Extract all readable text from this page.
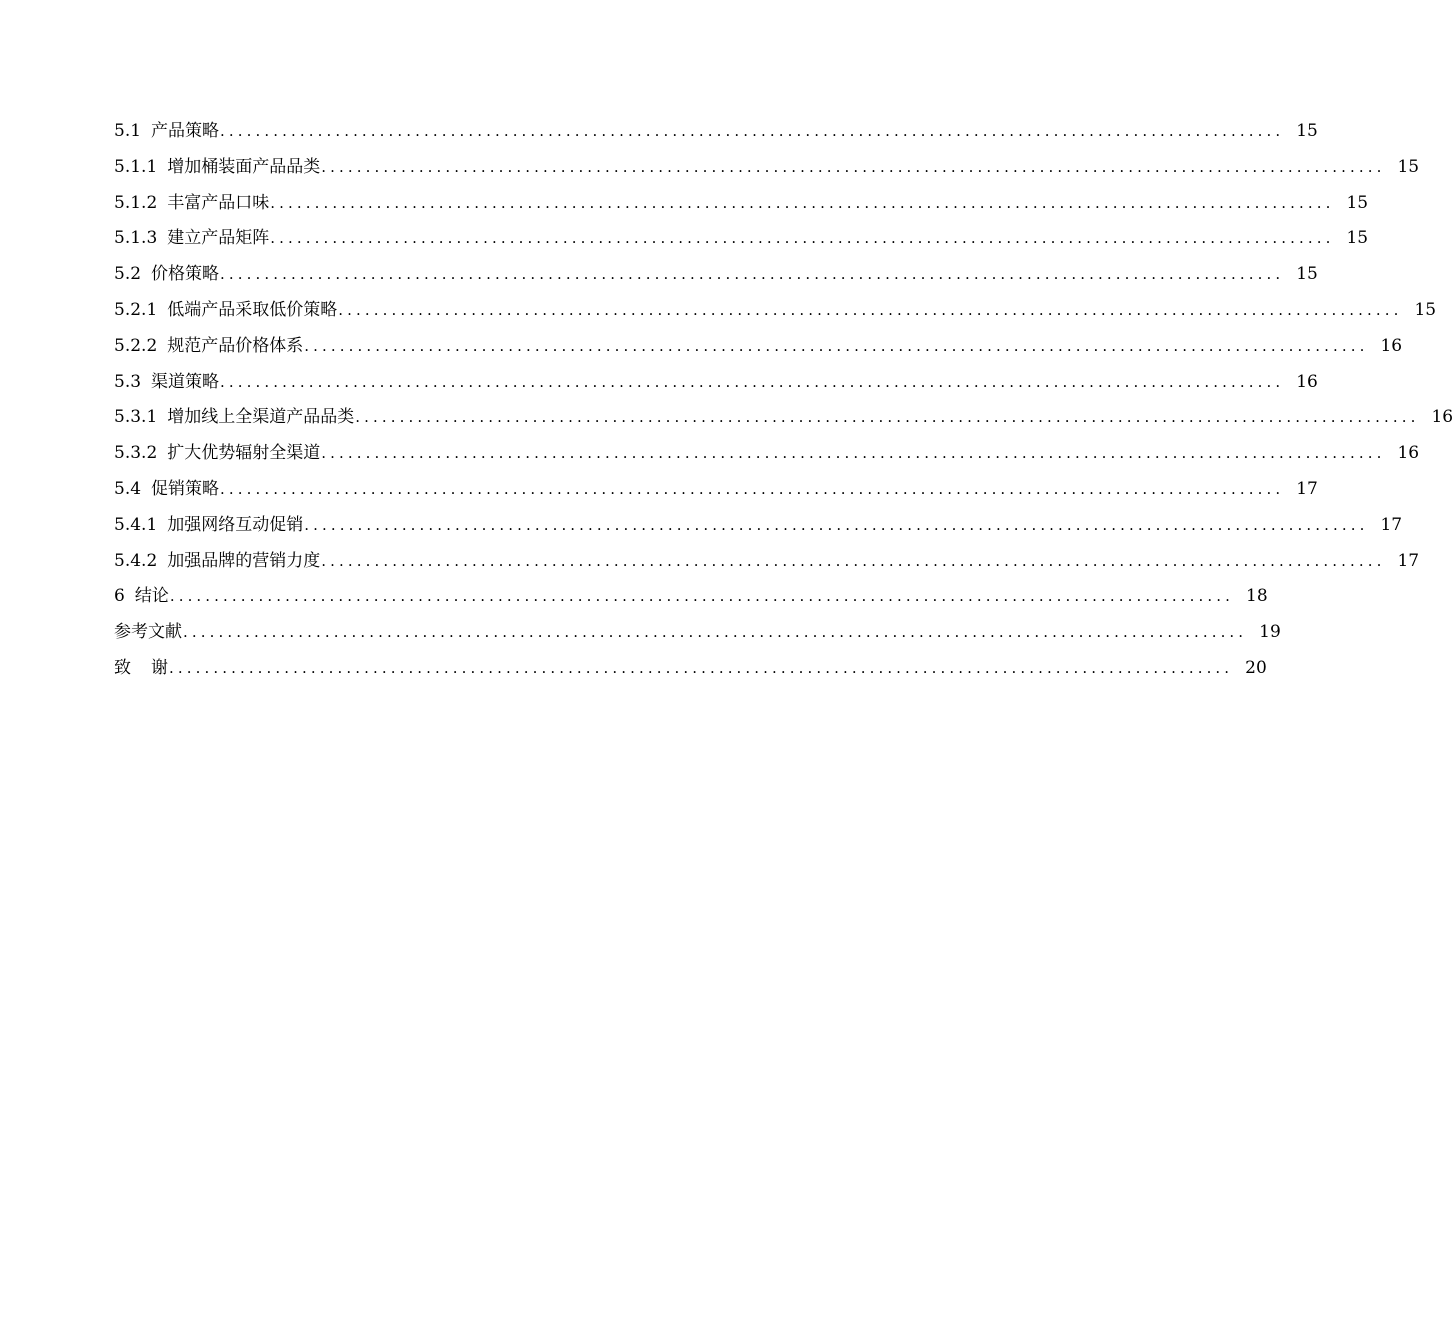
5.1 产品策略 ........................................................................................................................ 15
5.1.1 增加桶装面产品品类 ........................................................................................................................ 15
5.1.2 丰富产品口味 ........................................................................................................................ 15
5.1.3 建立产品矩阵 ........................................................................................................................ 15
5.2 价格策略 ........................................................................................................................ 15
5.2.1 低端产品采取低价策略 ........................................................................................................................ 15
5.2.2 规范产品价格体系 ........................................................................................................................ 16
5.3 渠道策略 ........................................................................................................................ 16
5.3.1 增加线上全渠道产品品类 ........................................................................................................................ 16
5.3.2 扩大优势辐射全渠道 ........................................................................................................................ 16
5.4 促销策略 ........................................................................................................................ 17
5.4.1 加强网络互动促销 ........................................................................................................................ 17
5.4.2 加强品牌的营销力度 ........................................................................................................................ 17
6 结论 ........................................................................................................................ 18
参考文献 ........................................................................................................................ 19
致谢
........................................................................................................................ 20
